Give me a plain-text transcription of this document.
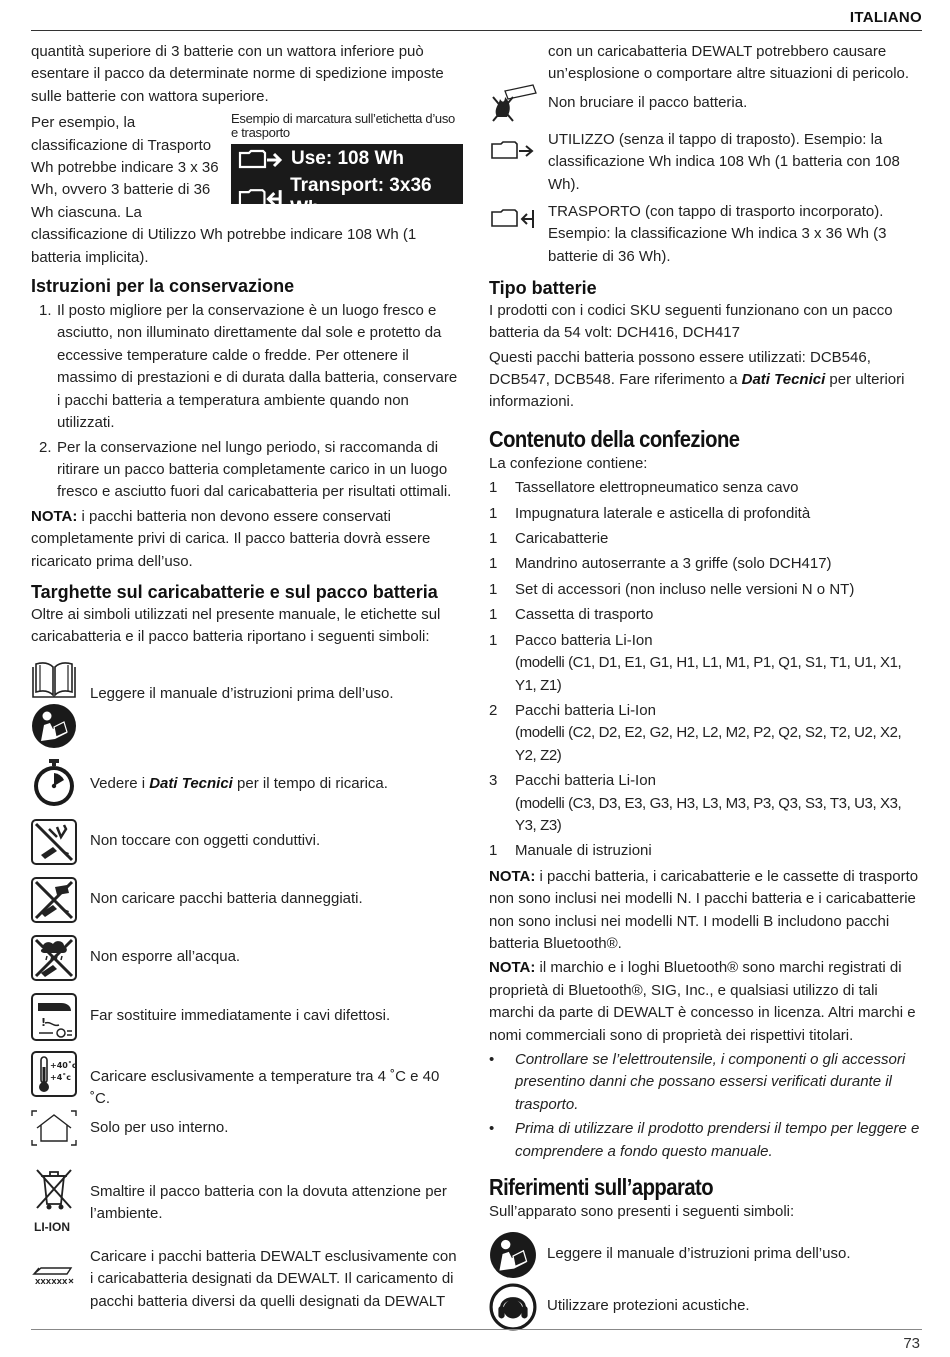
ITALIANO

quantità superiore di 3 batterie con un wattora inferiore può esentare il pacco da determinate norme di spedizione imposte sulle batterie con wattora superiore.

Esempio di marcatura sull’etichetta d’uso e trasporto
Use: 108 Wh
Transport: 3x36 Wh

Per esempio, la classificazione di Trasporto Wh potrebbe indicare 3 x 36 Wh, ovvero 3 batterie di 36 Wh ciascuna. La classificazione di Utilizzo Wh potrebbe indicare 108 Wh (1 batteria implicita).

Istruzioni per la conservazione
1. Il posto migliore per la conservazione è un luogo fresco e asciutto, non illuminato direttamente dal sole e protetto da eccessive temperature calde o fredde. Per ottenere il massimo di prestazioni e di durata dalla batteria, conservare i pacchi batteria a temperatura ambiente quando non utilizzati.
2. Per la conservazione nel lungo periodo, si raccomanda di ritirare un pacco batteria completamente carico in un luogo fresco e asciutto fuori dal caricabatteria per risultati ottimali.

NOTA: i pacchi batteria non devono essere conservati completamente privi di carica. Il pacco batteria dovrà essere ricaricato prima dell’uso.

Targhette sul caricabatterie e sul pacco batteria

Oltre ai simboli utilizzati nel presente manuale, le etichette sul caricabatteria e il pacco batteria riportano i seguenti simboli:

Leggere il manuale d’istruzioni prima dell’uso.
Vedere i Dati Tecnici per il tempo di ricarica.
Non toccare con oggetti conduttivi.
Non caricare pacchi batteria danneggiati.
Non esporre all’acqua.
!	Far sostituire immediatamente i cavi difettosi.
+40˚c
+4˚c Caricare esclusivamente a temperature tra 4 ˚C e 40 ˚C.
Solo per uso interno.
LI-ION
Smaltire il pacco batteria con la dovuta attenzione per l’ambiente.
XXXXXX
Caricare i pacchi batteria DEWALT esclusivamente con i caricabatteria designati da DEWALT. Il caricamento di pacchi batteria diversi da quelli designati da DEWALT

con un caricabatteria DEWALT potrebbero causare un’esplosione o comportare altre situazioni di pericolo.

Non bruciare il pacco batteria.
UTILIZZO (senza il tappo di traposto). Esempio: la classificazione Wh indica 108 Wh (1 batteria con 108 Wh).
TRASPORTO (con tappo di trasporto incorporato). Esempio: la classificazione Wh indica 3 x 36 Wh (3 batterie di 36 Wh).
Tipo batterie

I prodotti con i codici SKU seguenti funzionano con un pacco batteria da 54 volt: DCH416, DCH417

Questi pacchi batteria possono essere utilizzati: DCB546, DCB547, DCB548. Fare riferimento a Dati Tecnici per ulteriori informazioni.

Contenuto della confezione

La confezione contiene:

1 Tassellatore elettropneumatico senza cavo
1 Impugnatura laterale e asticella di profondità
1 Caricabatterie
1 Mandrino autoserrante a 3 griffe (solo DCH417)
1 Set di accessori (non incluso nelle versioni N o NT)
1 Cassetta di trasporto
1 Pacco batteria Li-Ion
(modelli (C1, D1, E1, G1, H1, L1, M1, P1, Q1, S1, T1, U1, X1, Y1, Z1)
2 Pacchi batteria Li-Ion
(modelli (C2, D2, E2, G2, H2, L2, M2, P2, Q2, S2, T2, U2, X2, Y2, Z2)
3 Pacchi batteria Li-Ion
(modelli (C3, D3, E3, G3, H3, L3, M3, P3, Q3, S3, T3, U3, X3, Y3, Z3)
1 Manuale di istruzioni

NOTA: i pacchi batteria, i caricabatterie e le cassette di trasporto non sono inclusi nei modelli N. I pacchi batteria e i caricabatterie non sono inclusi nei modelli NT. I modelli B includono pacchi batteria Bluetooth®.

NOTA: il marchio e i loghi Bluetooth® sono marchi registrati di proprietà di Bluetooth®, SIG, Inc., e qualsiasi utilizzo di tali marchi da parte di DEWALT è concesso in licenza. Altri marchi e nomi commerciali sono di proprietà dei rispettivi titolari.

• Controllare se l’elettroutensile, i componenti o gli accessori presentino danni che possano essersi verificati durante il trasporto.
• Prima di utilizzare il prodotto prendersi il tempo per leggere e comprendere a fondo questo manuale.
Riferimenti sull’apparato

Sull’apparato sono presenti i seguenti simboli:

Leggere il manuale d’istruzioni prima dell’uso.
Utilizzare protezioni acustiche.
73
